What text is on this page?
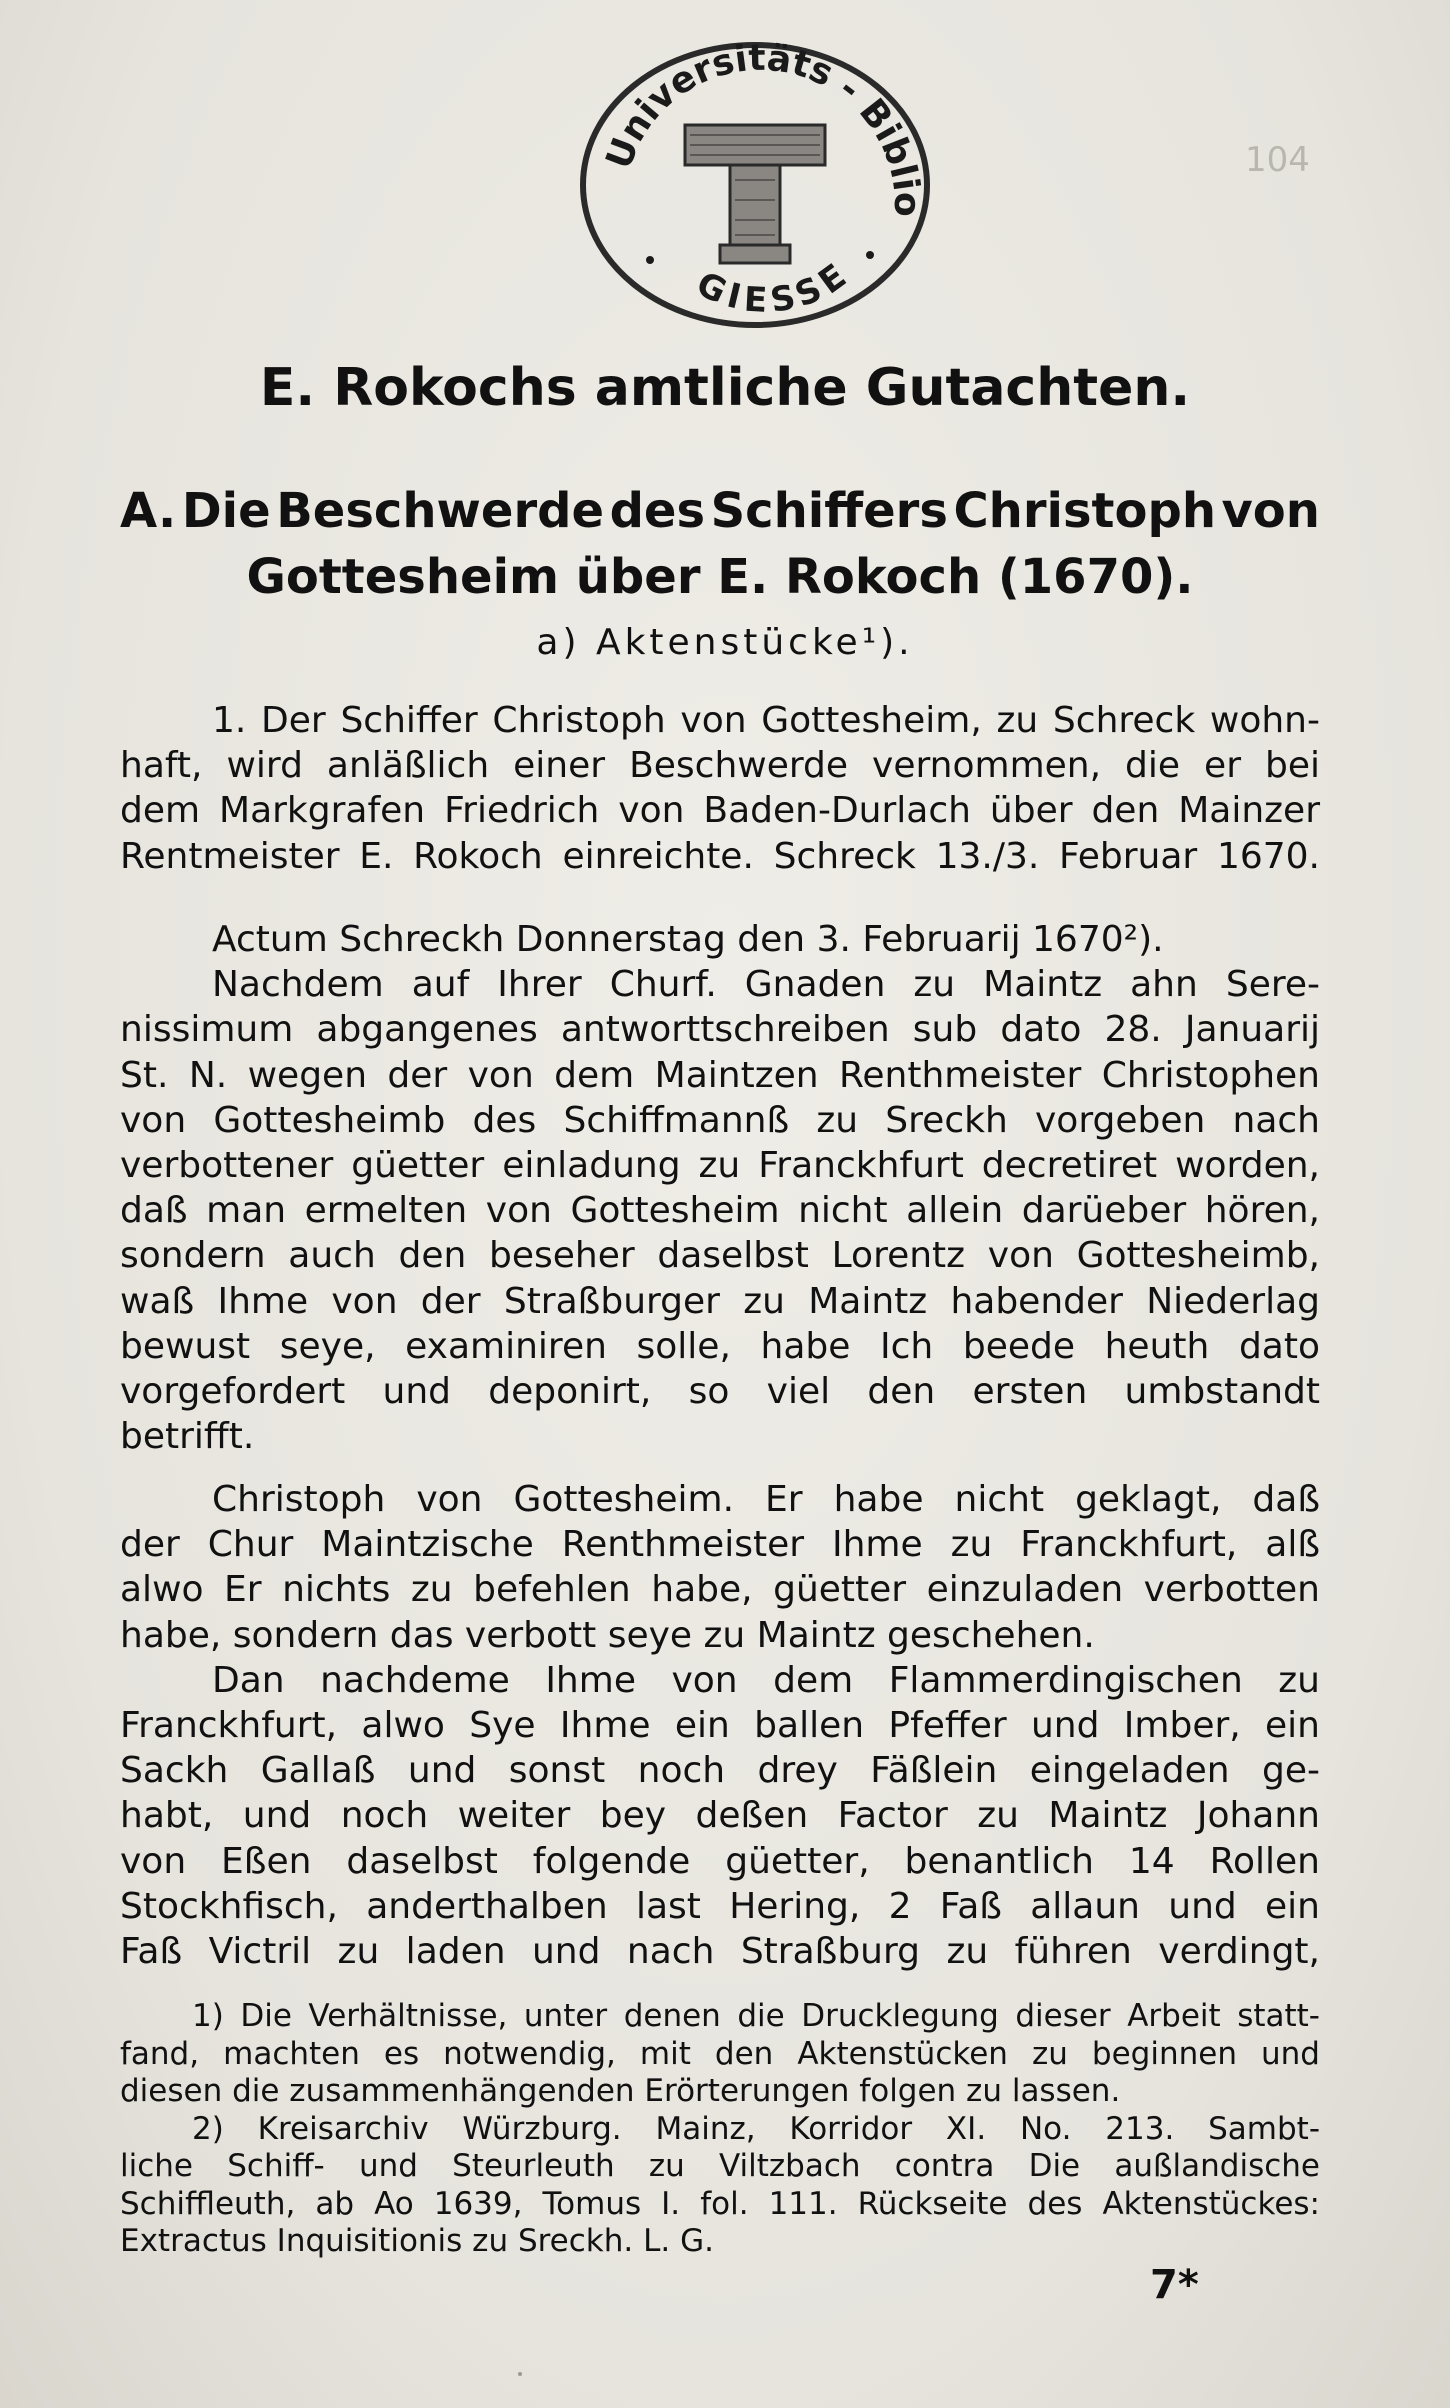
Universitäts - Biblio
GIESSE
104
E. Rokochs amtliche Gutachten.
A. Die Beschwerde des Schiffers Christoph von
Gottesheim über E. Rokoch (1670).
a) Aktenstücke¹).

1. Der Schiffer Christoph von Gottesheim, zu Schreck wohn-

haft, wird anläßlich einer Beschwerde vernommen, die er bei

dem Markgrafen Friedrich von Baden-Durlach über den Mainzer

Rentmeister E. Rokoch einreichte. Schreck 13./3. Februar 1670.

Actum Schreckh Donnerstag den 3. Februarij 1670²).

Nachdem auf Ihrer Churf. Gnaden zu Maintz ahn Sere-

nissimum abgangenes antworttschreiben sub dato 28. Januarij

St. N. wegen der von dem Maintzen Renthmeister Christophen

von Gottesheimb des Schiffmannß zu Sreckh vorgeben nach

verbottener güetter einladung zu Franckhfurt decretiret worden,

daß man ermelten von Gottesheim nicht allein darüeber hören,

sondern auch den beseher daselbst Lorentz von Gottesheimb,

waß Ihme von der Straßburger zu Maintz habender Niederlag

bewust seye, examiniren solle, habe Ich beede heuth dato

vorgefordert und deponirt, so viel den ersten umbstandt

betrifft.

Christoph von Gottesheim. Er habe nicht geklagt, daß

der Chur Maintzische Renthmeister Ihme zu Franckhfurt, alß

alwo Er nichts zu befehlen habe, güetter einzuladen verbotten

habe, sondern das verbott seye zu Maintz geschehen.

Dan nachdeme Ihme von dem Flammerdingischen zu

Franckhfurt, alwo Sye Ihme ein ballen Pfeffer und Imber, ein

Sackh Gallaß und sonst noch drey Fäßlein eingeladen ge-

habt, und noch weiter bey deßen Factor zu Maintz Johann

von Eßen daselbst folgende güetter, benantlich 14 Rollen

Stockhfisch, anderthalben last Hering, 2 Faß allaun und ein

Faß Victril zu laden und nach Straßburg zu führen verdingt,

1) Die Verhältnisse, unter denen die Drucklegung dieser Arbeit statt-

fand, machten es notwendig, mit den Aktenstücken zu beginnen und

diesen die zusammenhängenden Erörterungen folgen zu lassen.

2) Kreisarchiv Würzburg. Mainz, Korridor XI. No. 213. Sambt-

liche Schiff- und Steurleuth zu Viltzbach contra Die außlandische

Schiffleuth, ab Ao 1639, Tomus I. fol. 111. Rückseite des Aktenstückes:

Extractus Inquisitionis zu Sreckh. L. G.

7*
